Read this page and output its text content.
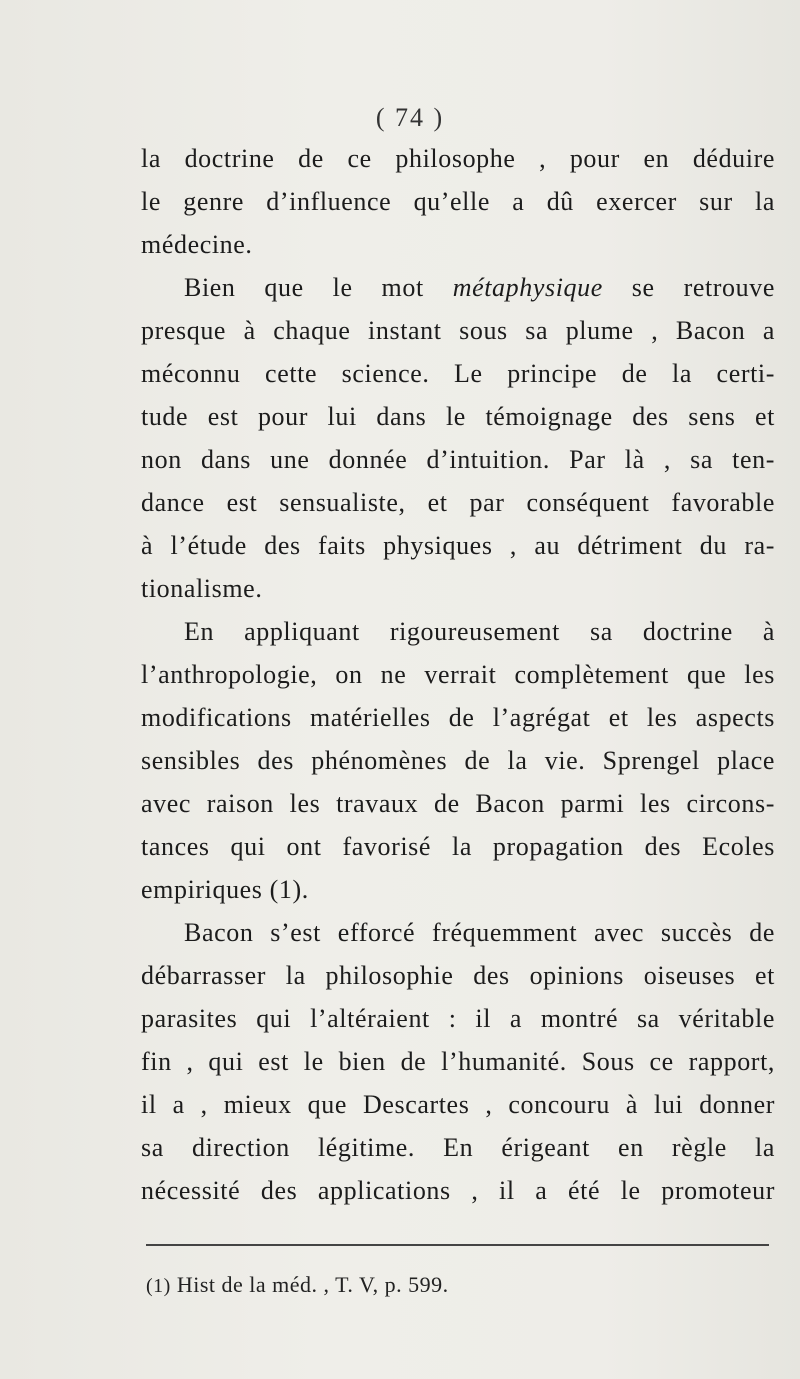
( 74 )
la doctrine de ce philosophe , pour en déduire
le genre d’influence qu’elle a dû exercer sur la
médecine.
Bien que le mot métaphysique se retrouve
presque à chaque instant sous sa plume , Bacon a
méconnu cette science. Le principe de la certi-
tude est pour lui dans le témoignage des sens et
non dans une donnée d’intuition. Par là , sa ten-
dance est sensualiste, et par conséquent favorable
à l’étude des faits physiques , au détriment du ra-
tionalisme.
En appliquant rigoureusement sa doctrine à
l’anthropologie, on ne verrait complètement que les
modifications matérielles de l’agrégat et les aspects
sensibles des phénomènes de la vie. Sprengel place
avec raison les travaux de Bacon parmi les circons-
tances qui ont favorisé la propagation des Ecoles
empiriques (1).
Bacon s’est efforcé fréquemment avec succès de
débarrasser la philosophie des opinions oiseuses et
parasites qui l’altéraient : il a montré sa véritable
fin , qui est le bien de l’humanité. Sous ce rapport,
il a , mieux que Descartes , concouru à lui donner
sa direction légitime. En érigeant en règle la
nécessité des applications , il a été le promoteur
(1) Hist de la méd. , T. V, p. 599.
